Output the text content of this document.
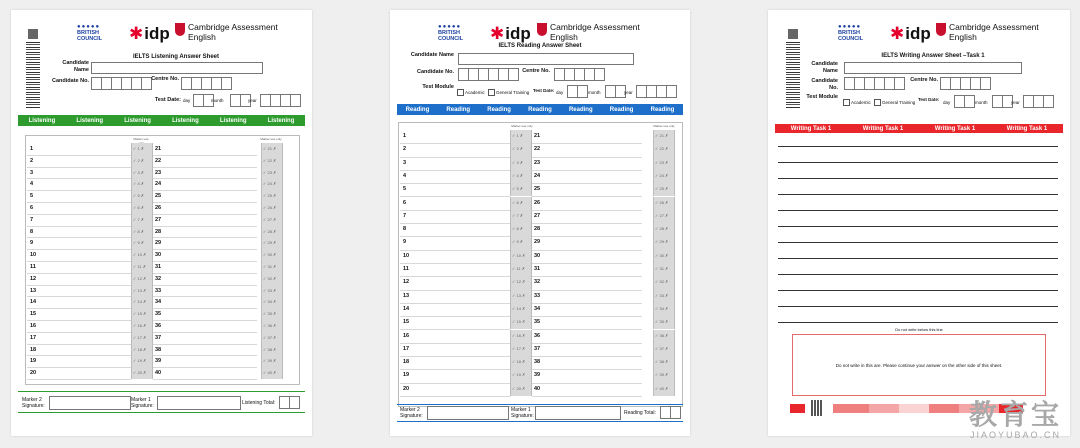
●●●●●
BRITISH
COUNCIL ✱idp Cambridge Assessment
English
IELTS Listening Answer Sheet
Candidate Name
Candidate No.	Centre No.
Test Date: day	month	year
Listening	Listening	Listening	Listening	Listening	Listening
Marker use	Marker use only
Marker 2 Signature:
Marker 1 Signature:	Listening Total:
1	✓ 1 ✗ 21	✓ 21 ✗
2	✓ 2 ✗ 22	✓ 22 ✗
3	✓ 3 ✗ 23	✓ 23 ✗
4	✓ 4 ✗ 24	✓ 24 ✗
5	✓ 5 ✗ 25	✓ 25 ✗
6	✓ 6 ✗ 26	✓ 26 ✗
7	✓ 7 ✗ 27	✓ 27 ✗
8	✓ 8 ✗ 28	✓ 28 ✗
9	✓ 9 ✗ 29	✓ 29 ✗
10	✓ 10 ✗ 30	✓ 30 ✗
11	✓ 11 ✗ 31	✓ 31 ✗
12	✓ 12 ✗ 32	✓ 32 ✗
13	✓ 13 ✗ 33	✓ 33 ✗
14	✓ 14 ✗ 34	✓ 34 ✗
15	✓ 15 ✗ 35	✓ 35 ✗
16	✓ 16 ✗ 36	✓ 36 ✗
17	✓ 17 ✗ 37	✓ 37 ✗
18	✓ 18 ✗ 38	✓ 38 ✗
19	✓ 19 ✗ 39	✓ 39 ✗
20	✓ 20 ✗ 40	✓ 40 ✗
●●●●●
BRITISH
COUNCIL ✱idp Cambridge Assessment
English
IELTS Reading Answer Sheet
Candidate Name
Candidate No.	Centre No.
Test Module
Academic General Training Test Date: day	month	year
Reading	Reading	Reading	Reading	Reading	Reading	Reading
Marker use only	Marker use only
Marker 2 Signature:
Marker 1 Signature:	Reading Total:
1	✓ 1 ✗ 21	✓ 21 ✗
2	✓ 2 ✗ 22	✓ 22 ✗
3	✓ 3 ✗ 23	✓ 23 ✗
4	✓ 4 ✗ 24	✓ 24 ✗
5	✓ 5 ✗ 25	✓ 25 ✗
6	✓ 6 ✗ 26	✓ 26 ✗
7	✓ 7 ✗ 27	✓ 27 ✗
8	✓ 8 ✗ 28	✓ 28 ✗
9	✓ 9 ✗ 29	✓ 29 ✗
10	✓ 10 ✗ 30	✓ 30 ✗
11	✓ 11 ✗ 31	✓ 31 ✗
12	✓ 12 ✗ 32	✓ 32 ✗
13	✓ 13 ✗ 33	✓ 33 ✗
14	✓ 14 ✗ 34	✓ 34 ✗
15	✓ 15 ✗ 35	✓ 35 ✗
16	✓ 16 ✗ 36	✓ 36 ✗
17	✓ 17 ✗ 37	✓ 37 ✗
18	✓ 18 ✗ 38	✓ 38 ✗
19	✓ 19 ✗ 39	✓ 39 ✗
20	✓ 20 ✗ 40	✓ 40 ✗
●●●●●
BRITISH
COUNCIL ✱idp Cambridge Assessment
English
IELTS Writing Answer Sheet –Task 1
Candidate Name
Candidate No.
Centre No.
Test Module
Academic General Training
Test Date:
day	month	year
Writing Task 1	Writing Task 1	Writing Task 1	Writing Task 1
Do not write below this line
Do not write in this are. Please continue your answer on the other side of this sheet.
教育宝
JIAOYUBAO.CN
